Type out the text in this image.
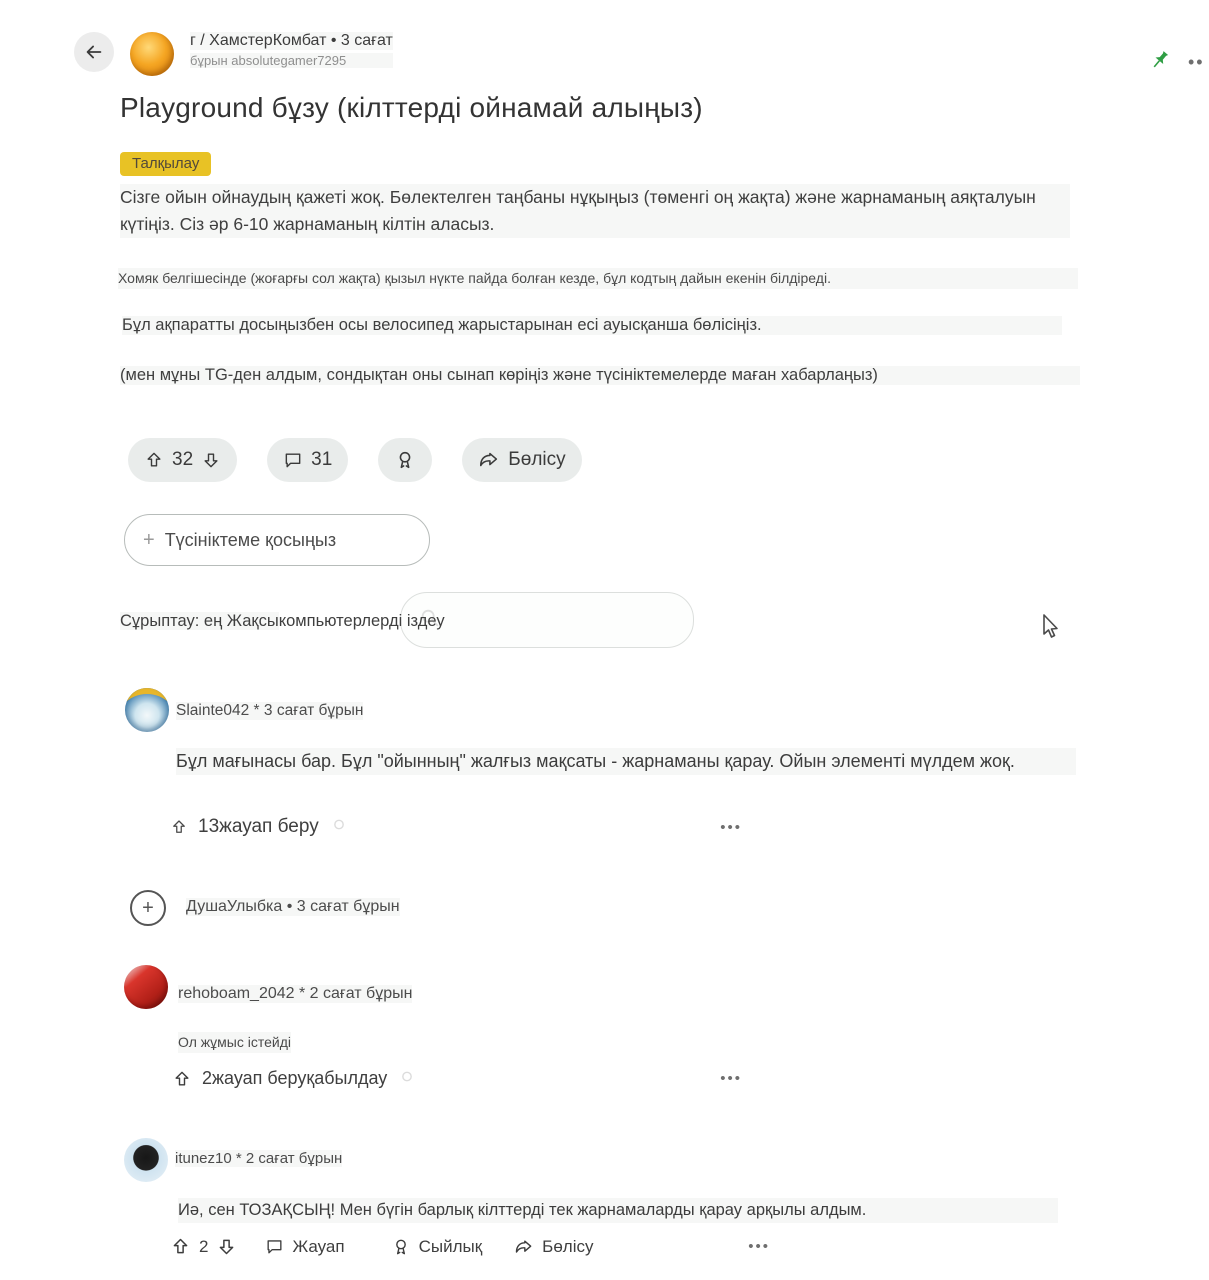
г / ХамстерКомбат • 3 сағат
бұрын absolutegamer7295	••
Playground бұзу (кілттерді ойнамай алыңыз)
Талқылау
Сізге ойын ойнаудың қажеті жоқ. Бөлектелген таңбаны нұқыңыз (төменгі оң жақта) және жарнаманың аяқталуын күтіңіз. Сіз әр 6-10 жарнаманың кілтін аласыз.
Хомяк белгішесінде (жоғарғы сол жақта) қызыл нүкте пайда болған кезде, бұл кодтың дайын екенін білдіреді.
Бұл ақпаратты досыңызбен осы велосипед жарыстарынан есі ауысқанша бөлісіңіз.
(мен мұны TG-ден алдым, сондықтан оны сынап көріңіз және түсініктемелерде маған хабарлаңыз)
32	31	Бөлісу
+ Түсініктеме қосыңыз
Сұрыптау: ең Жақсыкомпьютерлерді іздеу
Slainte042 * 3 сағат бұрын
Бұл мағынасы бар. Бұл "ойынның" жалғыз мақсаты - жарнаманы қарау. Ойын элементі мүлдем жоқ.
13жауап беру	•••
+	ДушаУлыбка • 3 сағат бұрын
rehoboam_2042 * 2 сағат бұрын
Ол жұмыс істейді
2жауап беруқабылдау	•••
itunez10 * 2 сағат бұрын
Иә, сен ТОЗАҚСЫҢ! Мен бүгін барлық кілттерді тек жарнамаларды қарау арқылы алдым.
2	Жауап	Сыйлық	Бөлісу	•••
